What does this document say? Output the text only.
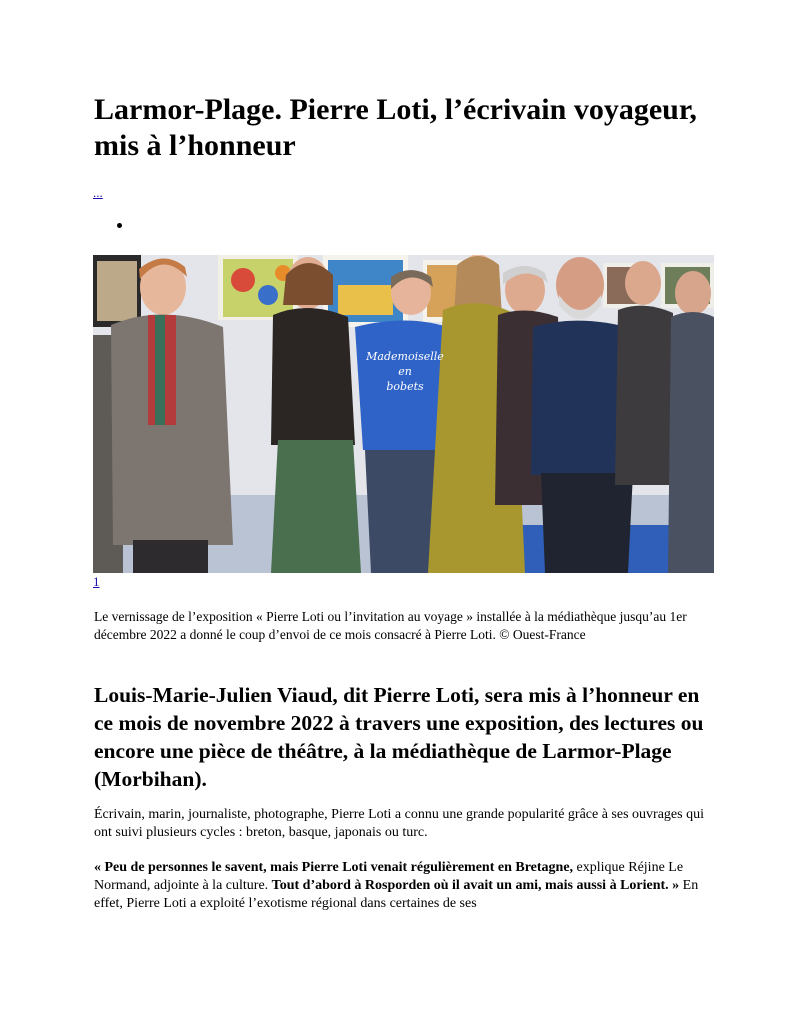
Larmor-Plage. Pierre Loti, l’écrivain voyageur, mis à l’honneur
...
Mademoiselle
en
bobets
1

Le vernissage de l’exposition « Pierre Loti ou l’invitation au voyage » installée à la médiathèque jusqu’au 1er décembre 2022 a donné le coup d’envoi de ce mois consacré à Pierre Loti. © Ouest-France

Louis-Marie-Julien Viaud, dit Pierre Loti, sera mis à l’honneur en ce mois de novembre 2022 à travers une exposition, des lectures ou encore une pièce de théâtre, à la médiathèque de Larmor-Plage (Morbihan).

Écrivain, marin, journaliste, photographe, Pierre Loti a connu une grande popularité grâce à ses ouvrages qui ont suivi plusieurs cycles : breton, basque, japonais ou turc.

« Peu de personnes le savent, mais Pierre Loti venait régulièrement en Bretagne, explique Réjine Le Normand, adjointe à la culture. Tout d’abord à Rosporden où il avait un ami, mais aussi à Lorient. » En effet, Pierre Loti a exploité l’exotisme régional dans certaines de ses
